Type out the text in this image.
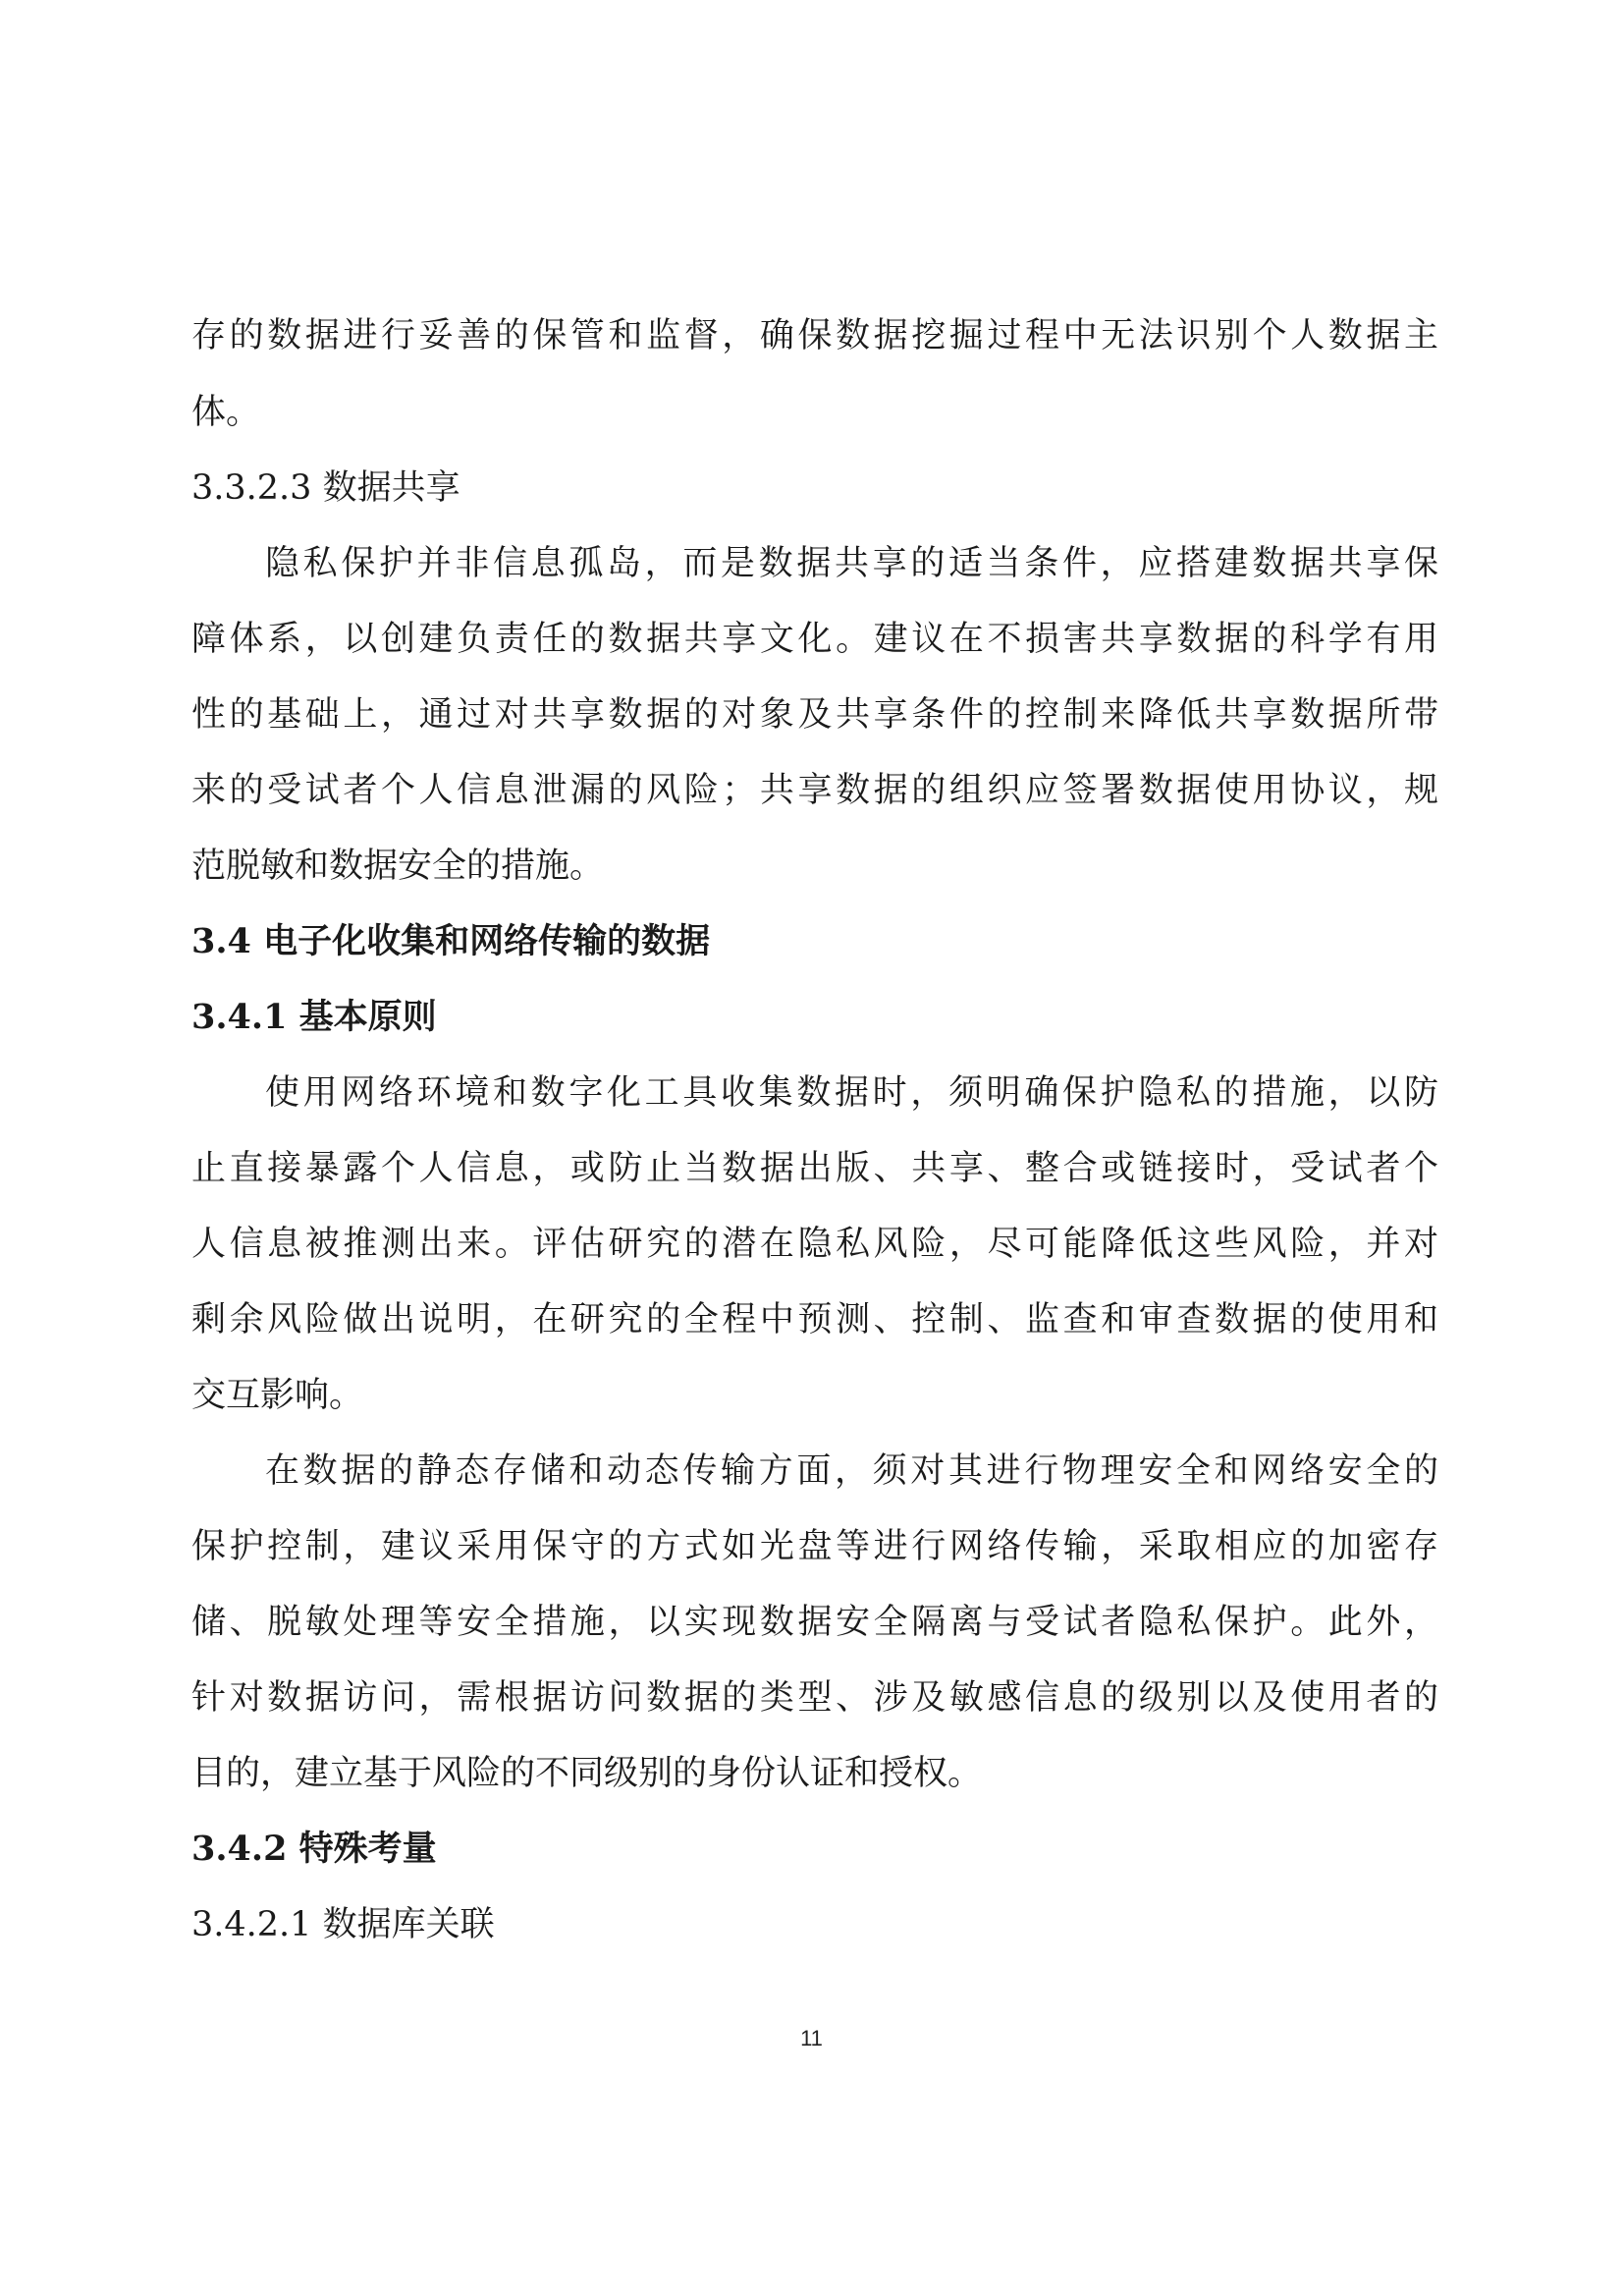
存的数据进行妥善的保管和监督，确保数据挖掘过程中无法识别个人数据主
体。
3.3.2.3 数据共享
隐私保护并非信息孤岛，而是数据共享的适当条件，应搭建数据共享保
障体系，以创建负责任的数据共享文化。建议在不损害共享数据的科学有用
性的基础上，通过对共享数据的对象及共享条件的控制来降低共享数据所带
来的受试者个人信息泄漏的风险；共享数据的组织应签署数据使用协议，规
范脱敏和数据安全的措施。
3.4 电子化收集和网络传输的数据
3.4.1 基本原则
使用网络环境和数字化工具收集数据时，须明确保护隐私的措施，以防
止直接暴露个人信息，或防止当数据出版、共享、整合或链接时，受试者个
人信息被推测出来。评估研究的潜在隐私风险，尽可能降低这些风险，并对
剩余风险做出说明，在研究的全程中预测、控制、监查和审查数据的使用和
交互影响。
在数据的静态存储和动态传输方面，须对其进行物理安全和网络安全的
保护控制，建议采用保守的方式如光盘等进行网络传输，采取相应的加密存
储、脱敏处理等安全措施，以实现数据安全隔离与受试者隐私保护。此外，
针对数据访问，需根据访问数据的类型、涉及敏感信息的级别以及使用者的
目的，建立基于风险的不同级别的身份认证和授权。
3.4.2 特殊考量
3.4.2.1 数据库关联
11
